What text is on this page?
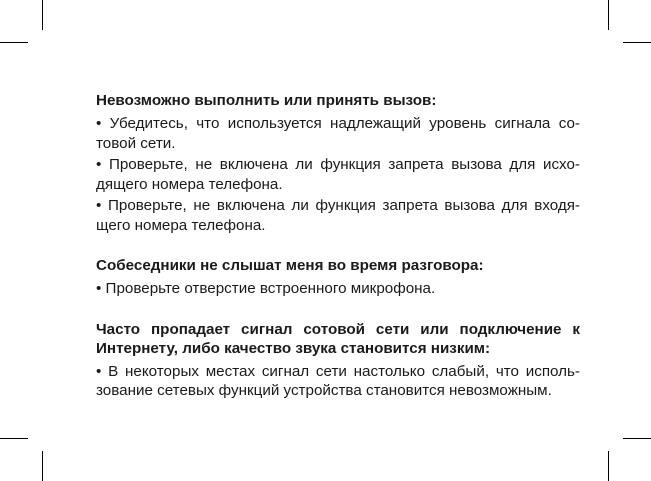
Невозможно выполнить или принять вызов:
• Убедитесь, что используется надлежащий уровень сигнала со-
товой сети.
• Проверьте, не включена ли функция запрета вызова для исхо-
дящего номера телефона.
• Проверьте, не включена ли функция запрета вызова для входя-
щего номера телефона.
Собеседники не слышат меня во время разговора:
• Проверьте отверстие встроенного микрофона.
Часто пропадает сигнал сотовой сети или подключение к
Интернету, либо качество звука становится низким:
• В некоторых местах сигнал сети настолько слабый, что исполь-
зование сетевых функций устройства становится невозможным.
